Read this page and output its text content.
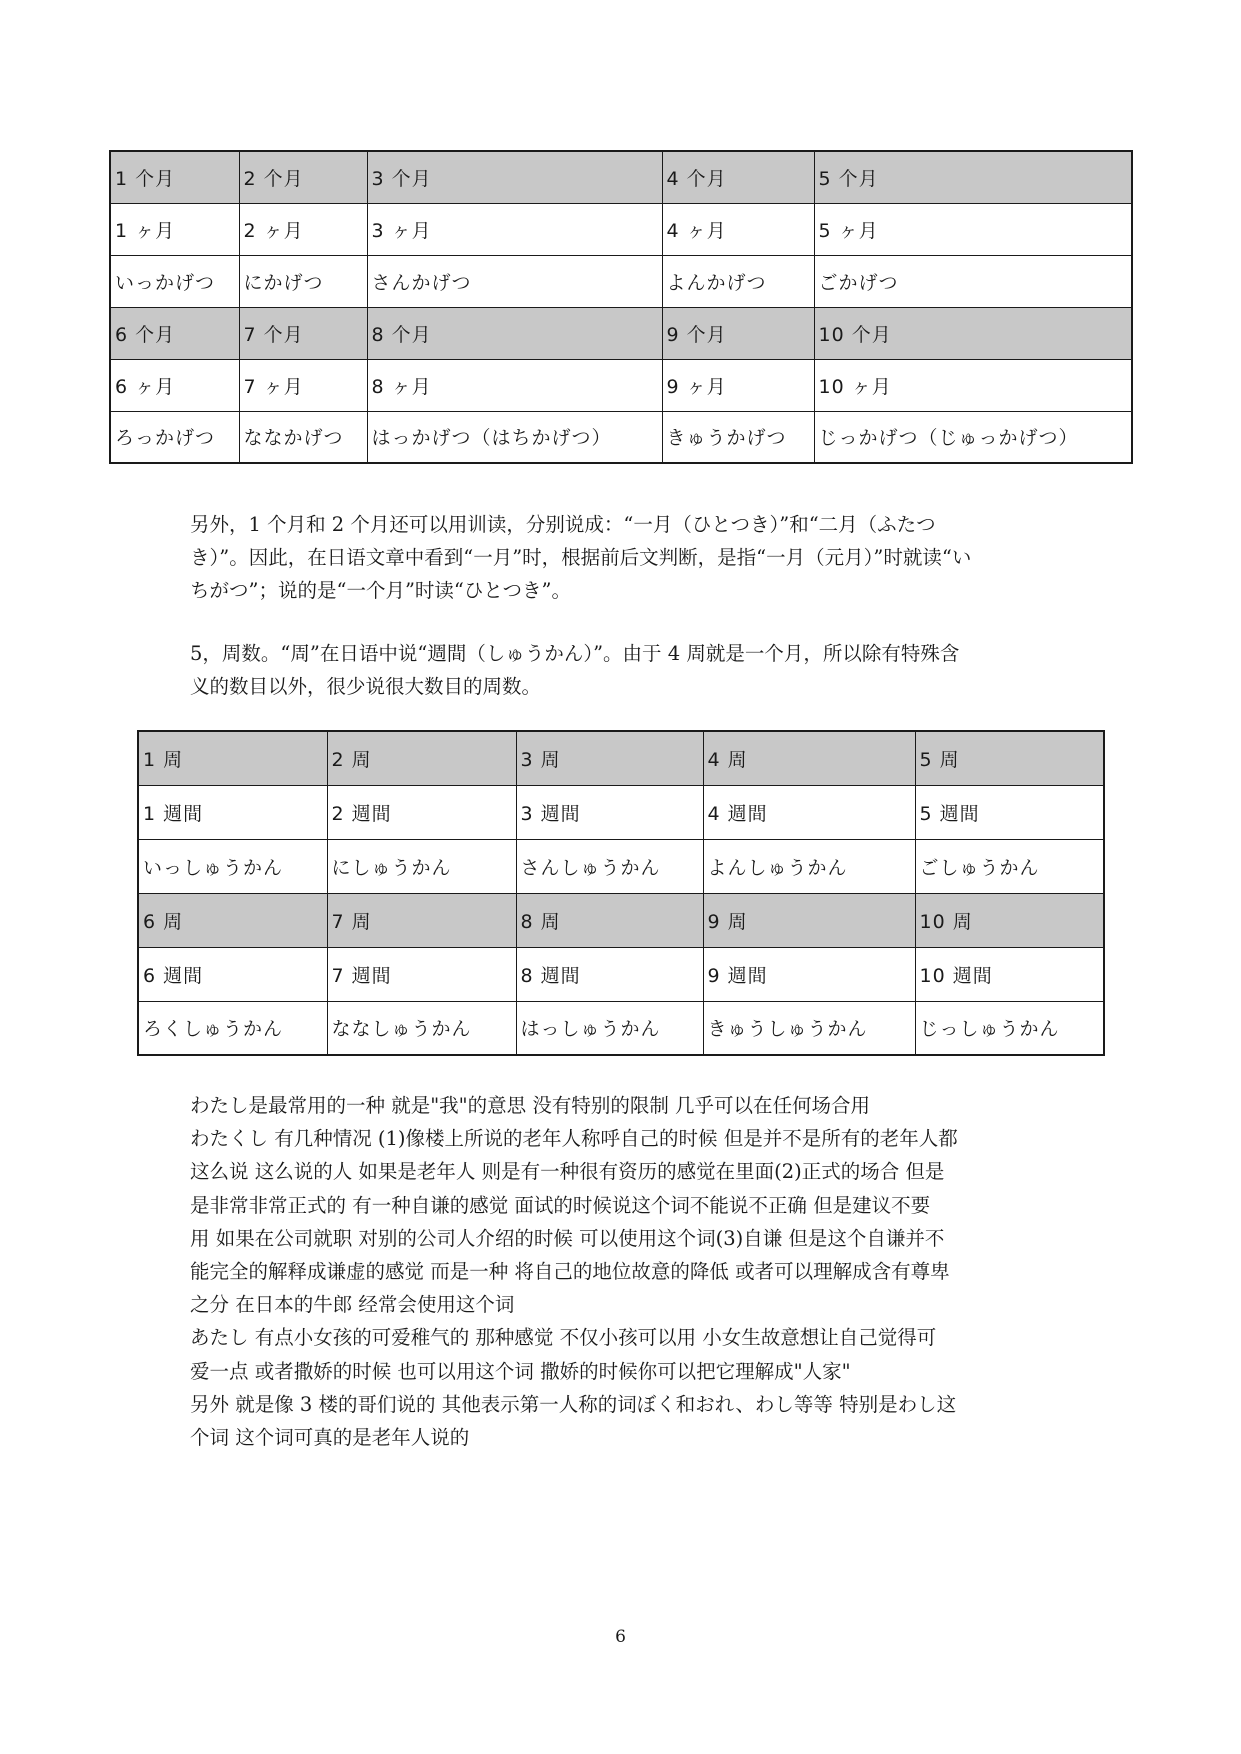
1 个月	2 个月	3 个月	4 个月	5 个月
1 ヶ月	2 ヶ月	3 ヶ月	4 ヶ月	5 ヶ月
いっかげつ	にかげつ	さんかげつ	よんかげつ	ごかげつ
6 个月	7 个月	8 个月	9 个月	10 个月
6 ヶ月	7 ヶ月	8 ヶ月	9 ヶ月	10 ヶ月
ろっかげつ	ななかげつ	はっかげつ（はちかげつ）	きゅうかげつ	じっかげつ（じゅっかげつ）
另外，1 个月和 2 个月还可以用训读，分别说成：“一月（ひとつき）”和“二月（ふたつ
き）”。因此，在日语文章中看到“一月”时，根据前后文判断，是指“一月（元月）”时就读“い
ちがつ”；说的是“一个月”时读“ひとつき”。
5，周数。“周”在日语中说“週間（しゅうかん）”。由于 4 周就是一个月，所以除有特殊含
义的数目以外，很少说很大数目的周数。
1 周	2 周	3 周	4 周	5 周
1 週間	2 週間	3 週間	4 週間	5 週間
いっしゅうかん	にしゅうかん	さんしゅうかん	よんしゅうかん	ごしゅうかん
6 周	7 周	8 周	9 周	10 周
6 週間	7 週間	8 週間	9 週間	10 週間
ろくしゅうかん	ななしゅうかん	はっしゅうかん	きゅうしゅうかん	じっしゅうかん
わたし是最常用的一种 就是"我"的意思 没有特别的限制 几乎可以在任何场合用
わたくし 有几种情况 (1)像楼上所说的老年人称呼自己的时候 但是并不是所有的老年人都
这么说 这么说的人 如果是老年人 则是有一种很有资历的感觉在里面(2)正式的场合 但是
是非常非常正式的 有一种自谦的感觉 面试的时候说这个词不能说不正确 但是建议不要
用 如果在公司就职 对别的公司人介绍的时候 可以使用这个词(3)自谦 但是这个自谦并不
能完全的解释成谦虚的感觉 而是一种 将自己的地位故意的降低 或者可以理解成含有尊卑
之分 在日本的牛郎 经常会使用这个词
あたし 有点小女孩的可爱稚气的 那种感觉 不仅小孩可以用 小女生故意想让自己觉得可
爱一点 或者撒娇的时候 也可以用这个词 撒娇的时候你可以把它理解成"人家"
另外 就是像 3 楼的哥们说的 其他表示第一人称的词ぼく和おれ、わし等等 特别是わし这
个词 这个词可真的是老年人说的
6
